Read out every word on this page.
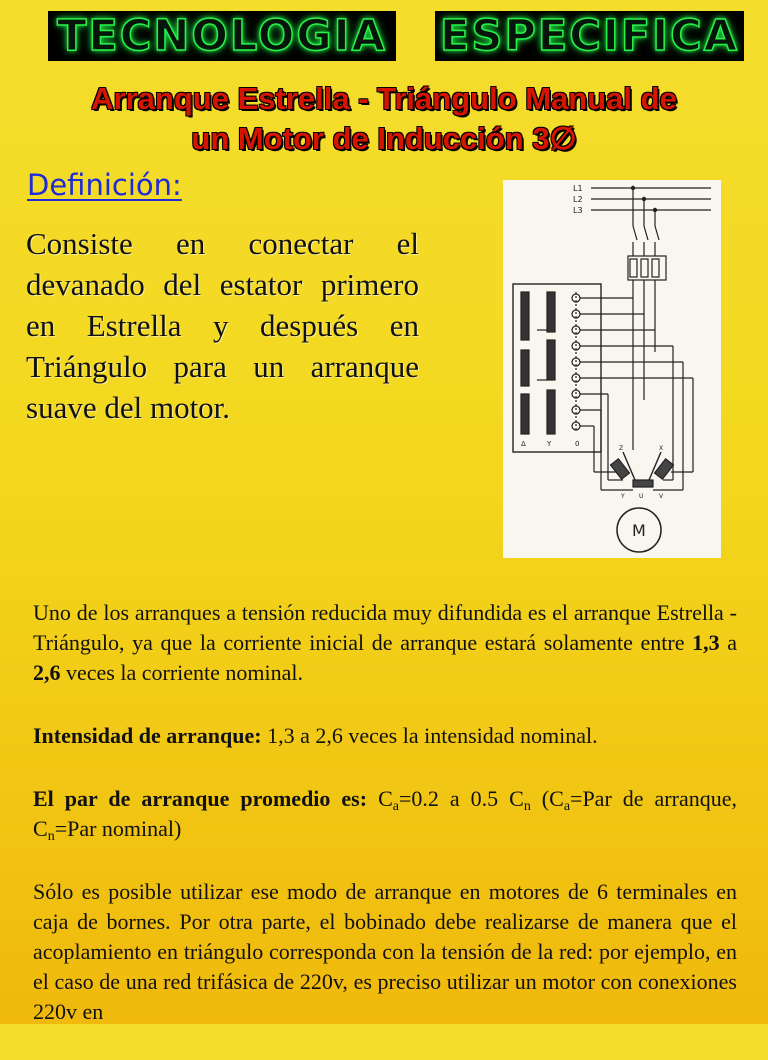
TECNOLOGIA ESPECIFICA
Arranque Estrella - Triángulo Manual de
un Motor de Inducción 3∅
Definición:
Consiste en conectar el devanado del estator primero en Estrella y después en Triángulo para un arranque suave del motor.
L1
L2
L3
Δ	Y	0
Z	X
Y U	V
M

Uno de los arranques a tensión reducida muy difundida es el arranque Estrella -Triángulo, ya que la corriente inicial de arranque estará solamente entre 1,3 a 2,6 veces la corriente nominal.

Intensidad de arranque: 1,3 a 2,6 veces la intensidad nominal.

El par de arranque promedio es: $C_a=0.2$ a 0.5 $C_n$ ($C_a=Par$ de arranque, $C_n=Par$ nominal)

Sólo es posible utilizar ese modo de arranque en motores de 6 terminales en caja de bornes. Por otra parte, el bobinado debe realizarse de manera que el acoplamiento en triángulo corresponda con la tensión de la red: por ejemplo, en el caso de una red trifásica de 220v, es preciso utilizar un motor con conexiones 220v en
